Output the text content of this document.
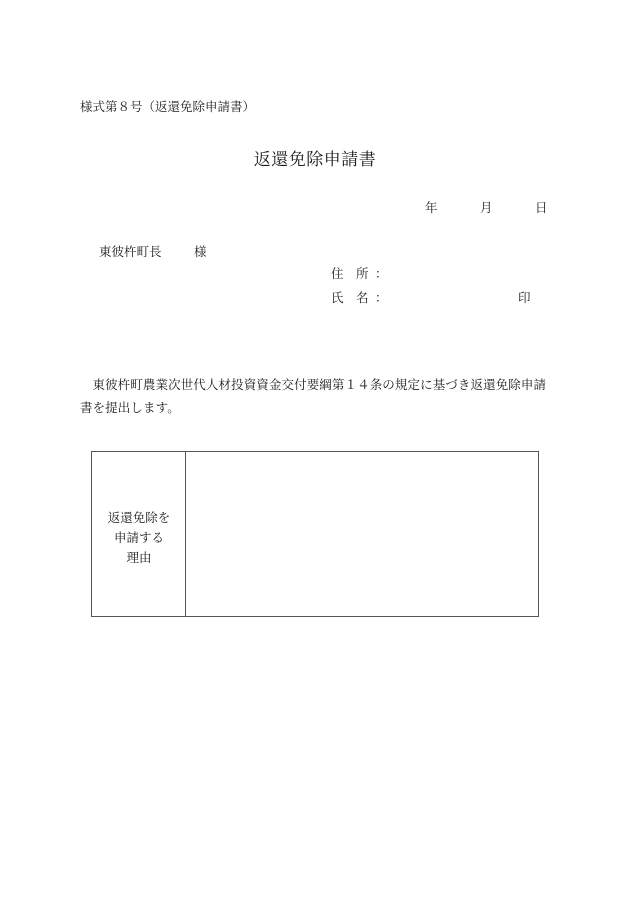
様式第８号（返還免除申請書）
返還免除申請書
年	月	日
東彼杵町長	様
住　所 ：
氏　名 ：	印
東彼杵町農業次世代人材投資資金交付要綱第１４条の規定に基づき返還免除申請書を提出します。
返還免除を
申請する
理由
